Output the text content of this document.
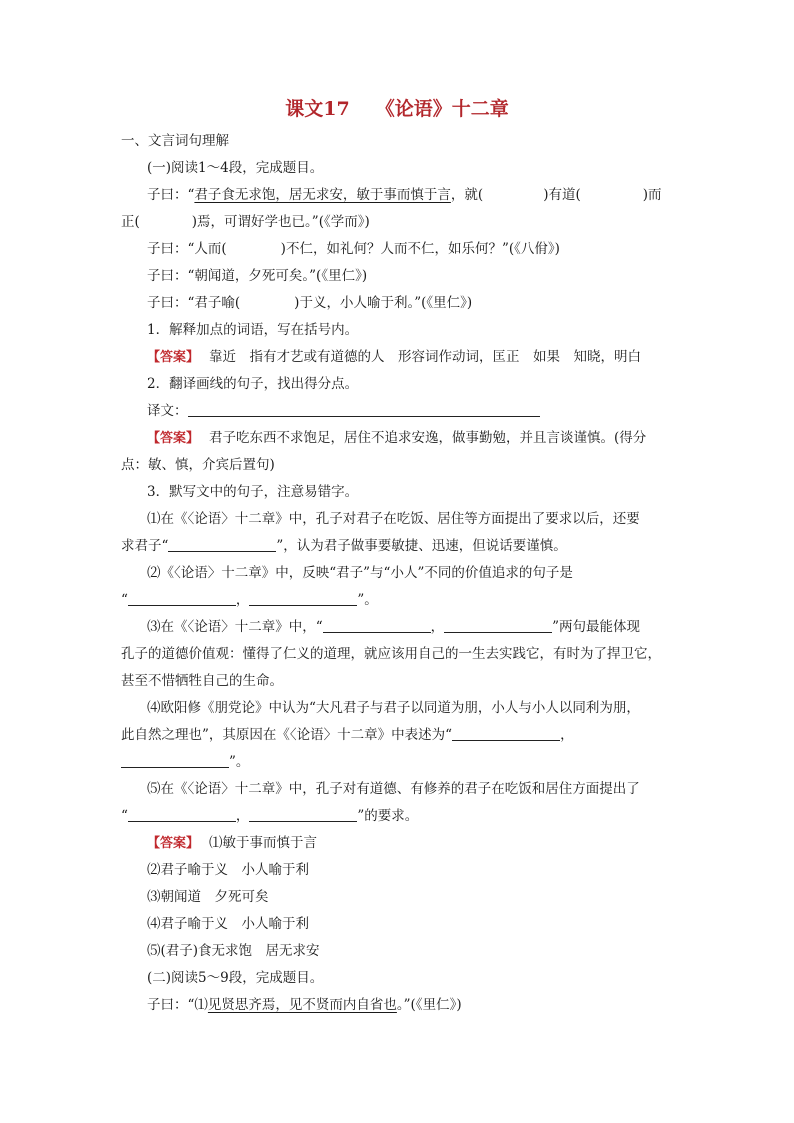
课文17 《论语》十二章

一、文言词句理解

(一)阅读1～4段，完成题目。

子曰：“君子食无求饱，居无求安，敏于事而慎于言，就(	)有道(	)而

正(	)焉，可谓好学也已。”(《学而》)

子曰：“人而(	)不仁，如礼何？人而不仁，如乐何？”(《八佾》)

子曰：“朝闻道，夕死可矣。”(《里仁》)

子曰：“君子喻(	)于义，小人喻于利。”(《里仁》)

1．解释加点的词语，写在括号内。

【答案】 靠近　指有才艺或有道德的人　形容词作动词，匡正　如果　知晓，明白

2．翻译画线的句子，找出得分点。

译文：

【答案】 君子吃东西不求饱足，居住不追求安逸，做事勤勉，并且言谈谨慎。(得分

点：敏、慎，介宾后置句)

3．默写文中的句子，注意易错字。

⑴在《〈论语〉十二章》中，孔子对君子在吃饭、居住等方面提出了要求以后，还要

求君子“	”，认为君子做事要敏捷、迅速，但说话要谨慎。

⑵《〈论语〉十二章》中，反映“君子”与“小人”不同的价值追求的句子是

“	，	”。

⑶在《〈论语〉十二章》中，“	，	”两句最能体现

孔子的道德价值观：懂得了仁义的道理，就应该用自己的一生去实践它，有时为了捍卫它，

甚至不惜牺牲自己的生命。

⑷欧阳修《朋党论》中认为“大凡君子与君子以同道为朋，小人与小人以同利为朋，

此自然之理也”，其原因在《〈论语〉十二章》中表述为“	，

”。

⑸在《〈论语〉十二章》中，孔子对有道德、有修养的君子在吃饭和居住方面提出了

“	，	”的要求。

【答案】 ⑴敏于事而慎于言

⑵君子喻于义　小人喻于利

⑶朝闻道　夕死可矣

⑷君子喻于义　小人喻于利

⑸(君子)食无求饱　居无求安

(二)阅读5～9段，完成题目。

子曰：“⑴见贤思齐焉，见不贤而内自省也。”(《里仁》)
